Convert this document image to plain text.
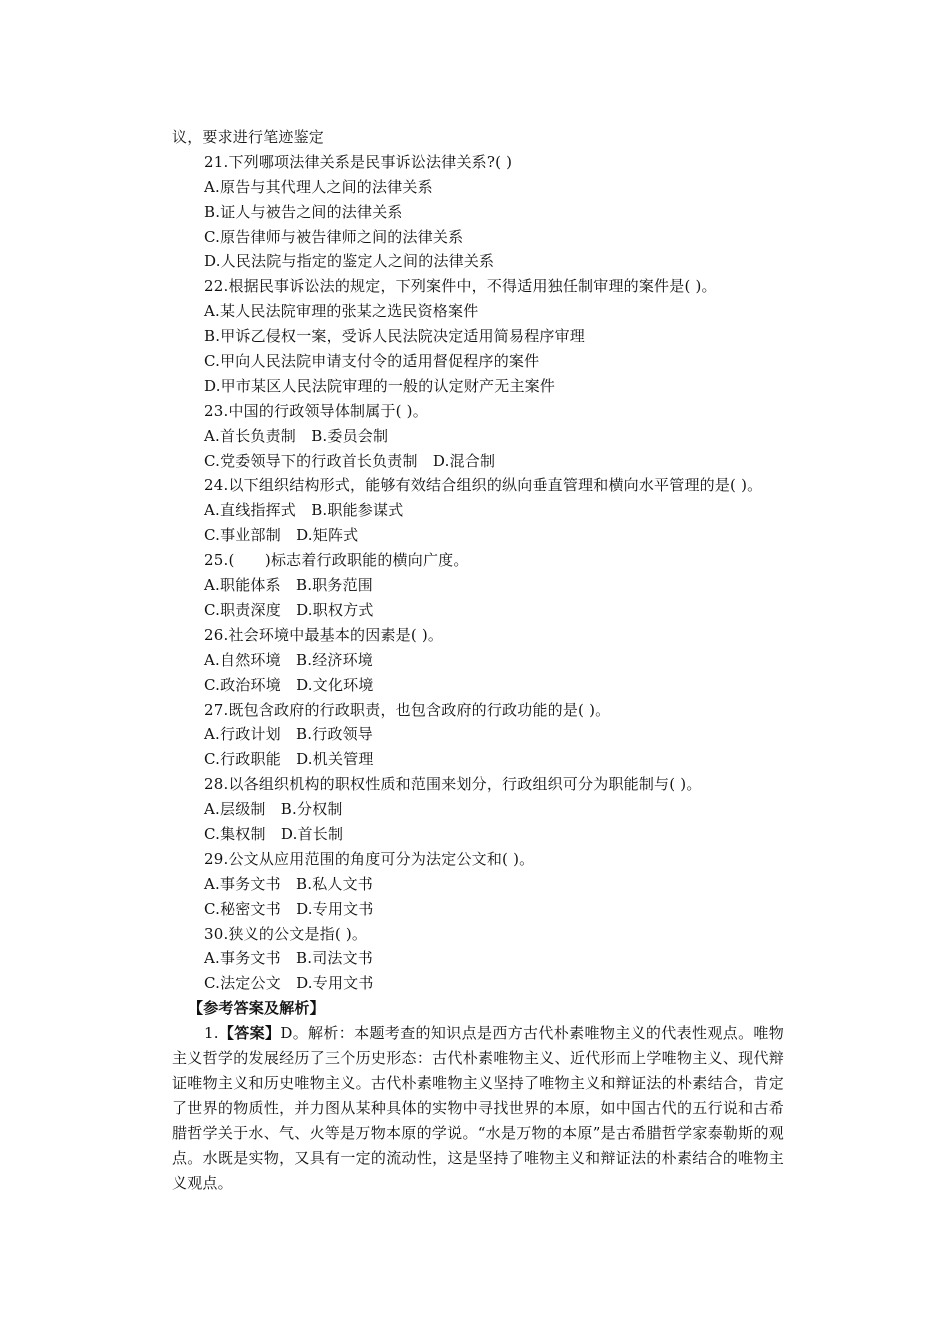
议，要求进行笔迹鉴定
21.下列哪项法律关系是民事诉讼法律关系?( )
A.原告与其代理人之间的法律关系
B.证人与被告之间的法律关系
C.原告律师与被告律师之间的法律关系
D.人民法院与指定的鉴定人之间的法律关系
22.根据民事诉讼法的规定，下列案件中，不得适用独任制审理的案件是( )。
A.某人民法院审理的张某之选民资格案件
B.甲诉乙侵权一案，受诉人民法院决定适用简易程序审理
C.甲向人民法院申请支付令的适用督促程序的案件
D.甲市某区人民法院审理的一般的认定财产无主案件
23.中国的行政领导体制属于( )。
A.首长负责制　B.委员会制
C.党委领导下的行政首长负责制　D.混合制

24.以下组织结构形式，能够有效结合组织的纵向垂直管理和横向水平管理的是( )。

A.直线指挥式　B.职能参谋式
C.事业部制　D.矩阵式
25.(　　)标志着行政职能的横向广度。
A.职能体系　B.职务范围
C.职责深度　D.职权方式
26.社会环境中最基本的因素是( )。
A.自然环境　B.经济环境
C.政治环境　D.文化环境
27.既包含政府的行政职责，也包含政府的行政功能的是( )。
A.行政计划　B.行政领导
C.行政职能　D.机关管理
28.以各组织机构的职权性质和范围来划分，行政组织可分为职能制与( )。
A.层级制　B.分权制
C.集权制　D.首长制
29.公文从应用范围的角度可分为法定公文和( )。
A.事务文书　B.私人文书
C.秘密文书　D.专用文书
30.狭义的公文是指( )。
A.事务文书　B.司法文书
C.法定公文　D.专用文书
【参考答案及解析】

1.【答案】D。解析：本题考查的知识点是西方古代朴素唯物主义的代表性观点。唯物主义哲学的发展经历了三个历史形态：古代朴素唯物主义、近代形而上学唯物主义、现代辩证唯物主义和历史唯物主义。古代朴素唯物主义坚持了唯物主义和辩证法的朴素结合，肯定了世界的物质性，并力图从某种具体的实物中寻找世界的本原，如中国古代的五行说和古希腊哲学关于水、气、火等是万物本原的学说。“水是万物的本原”是古希腊哲学家泰勒斯的观点。水既是实物，又具有一定的流动性，这是坚持了唯物主义和辩证法的朴素结合的唯物主义观点。
